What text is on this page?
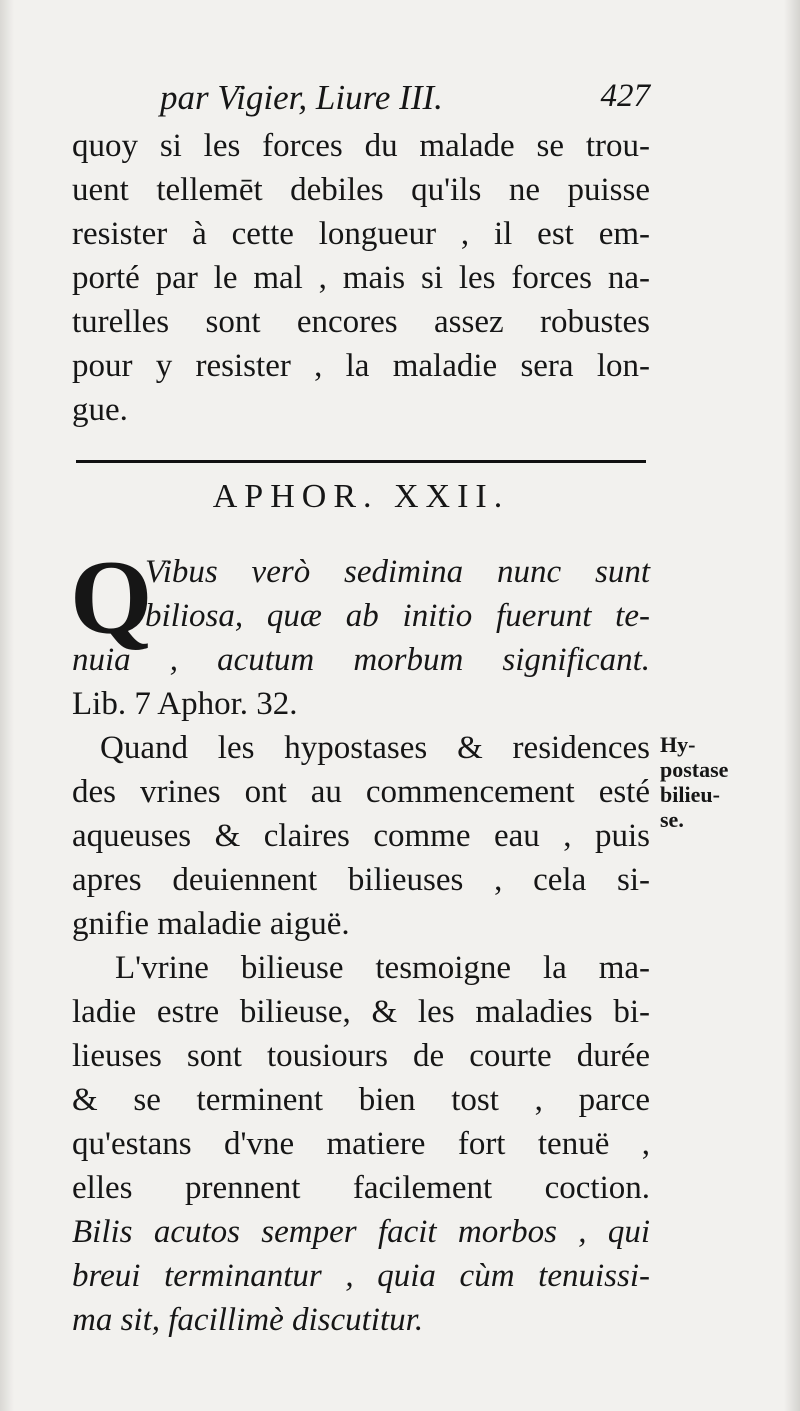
par Vigier, Liure III.	427
quoy si les forces du malade se trou-
uent tellemēt debiles qu'ils ne puisse
resister à cette longueur , il est em-
porté par le mal , mais si les forces na-
turelles sont encores assez robustes
pour y resister , la maladie sera lon-
gue.
APHOR. XXII.
Q
Vibus verò sedimina nunc sunt
biliosa, quæ ab initio fuerunt te-
nuia , acutum morbum significant.
Lib. 7 Aphor. 32.
Quand les hypostases & residences
des vrines ont au commencement esté
aqueuses & claires comme eau , puis
apres deuiennent bilieuses , cela si-
gnifie maladie aiguë.
L'vrine bilieuse tesmoigne la ma-
ladie estre bilieuse, & les maladies bi-
lieuses sont tousiours de courte durée
& se terminent bien tost , parce
qu'estans d'vne matiere fort tenuë ,
elles prennent facilement coction.
Bilis acutos semper facit morbos , qui
breui terminantur , quia cùm tenuissi-
ma sit, facillimè discutitur.
Hy-
postase
bilieu-
se.
